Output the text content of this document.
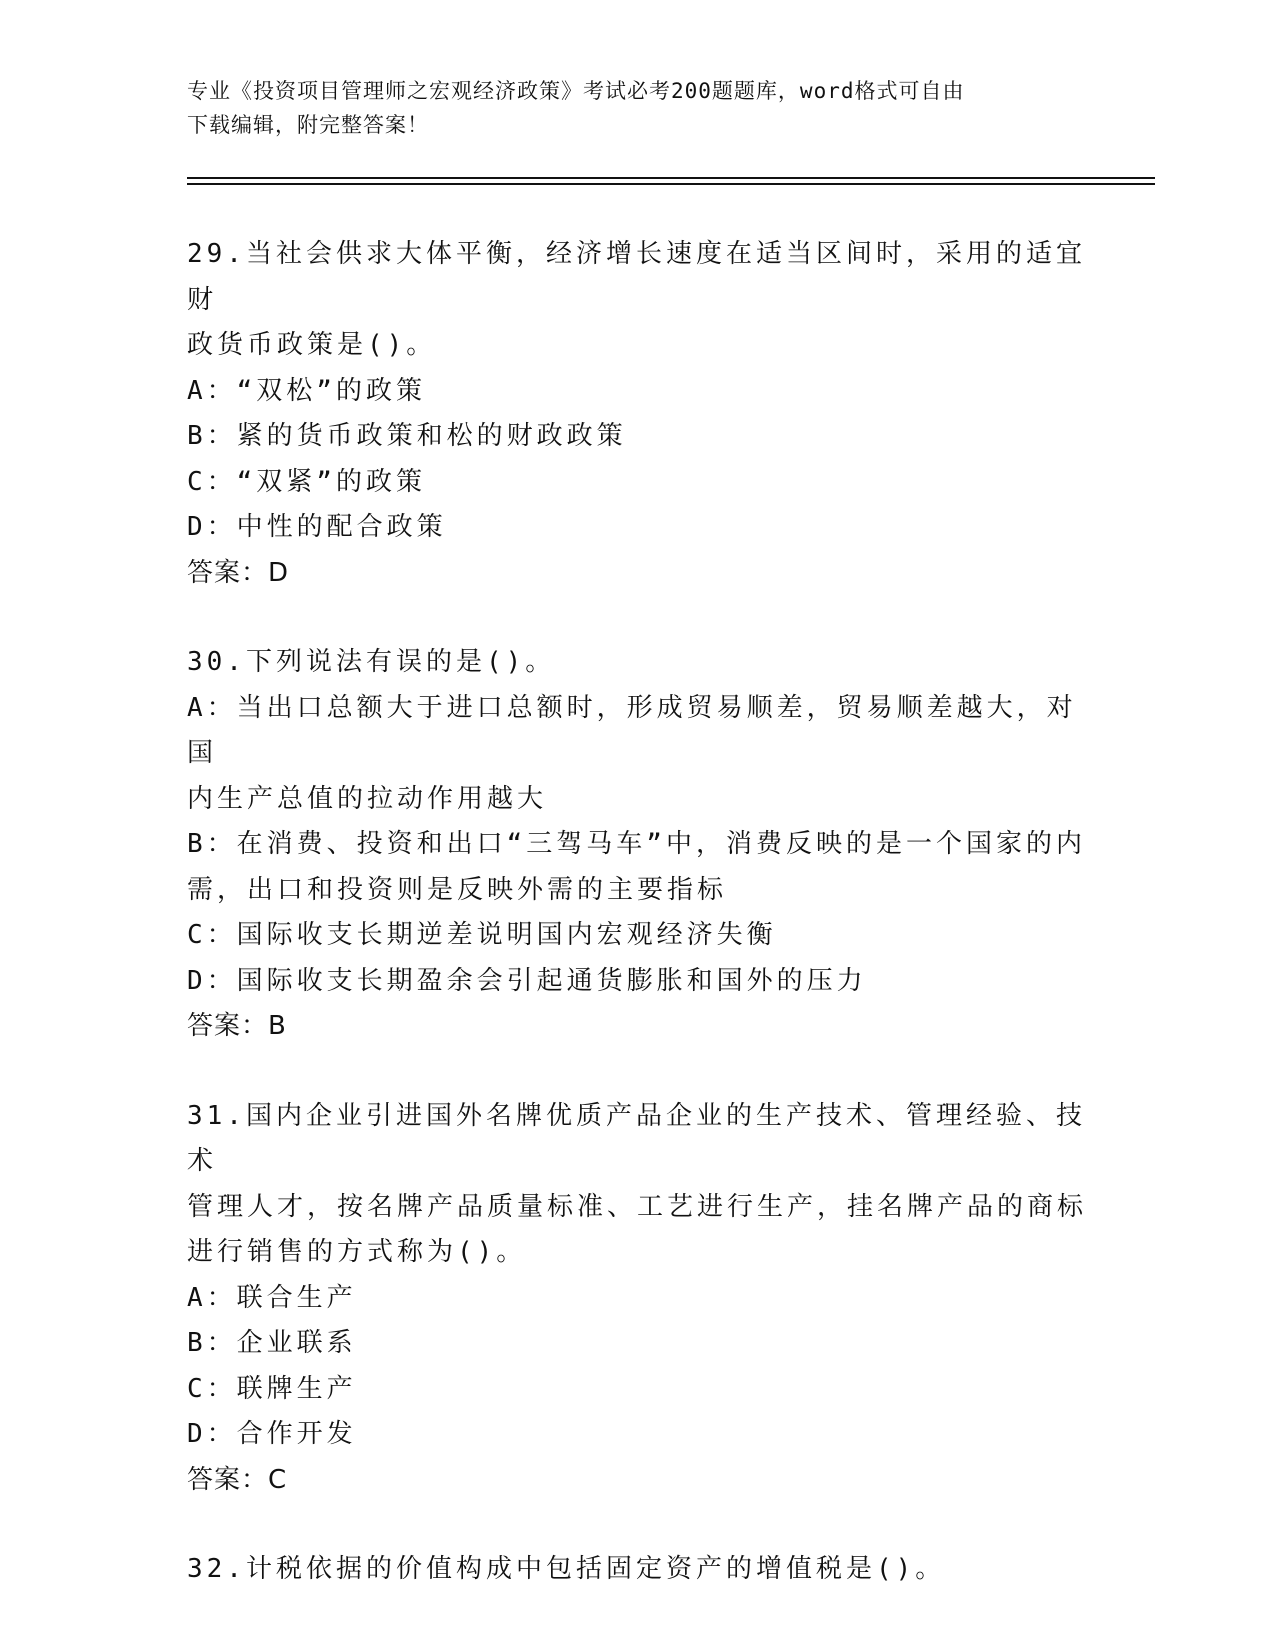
专业《投资项目管理师之宏观经济政策》考试必考200题题库，word格式可自由
下载编辑，附完整答案！

29.当社会供求大体平衡，经济增长速度在适当区间时，采用的适宜财

政货币政策是()。

A：“双松”的政策

B：紧的货币政策和松的财政政策

C：“双紧”的政策

D：中性的配合政策

答案：D

30.下列说法有误的是()。

A：当出口总额大于进口总额时，形成贸易顺差，贸易顺差越大，对国

内生产总值的拉动作用越大

B：在消费、投资和出口“三驾马车”中，消费反映的是一个国家的内

需，出口和投资则是反映外需的主要指标

C：国际收支长期逆差说明国内宏观经济失衡

D：国际收支长期盈余会引起通货膨胀和国外的压力

答案：B

31.国内企业引进国外名牌优质产品企业的生产技术、管理经验、技术

管理人才，按名牌产品质量标准、工艺进行生产，挂名牌产品的商标

进行销售的方式称为()。

A：联合生产

B：企业联系

C：联牌生产

D：合作开发

答案：C

32.计税依据的价值构成中包括固定资产的增值税是()。
